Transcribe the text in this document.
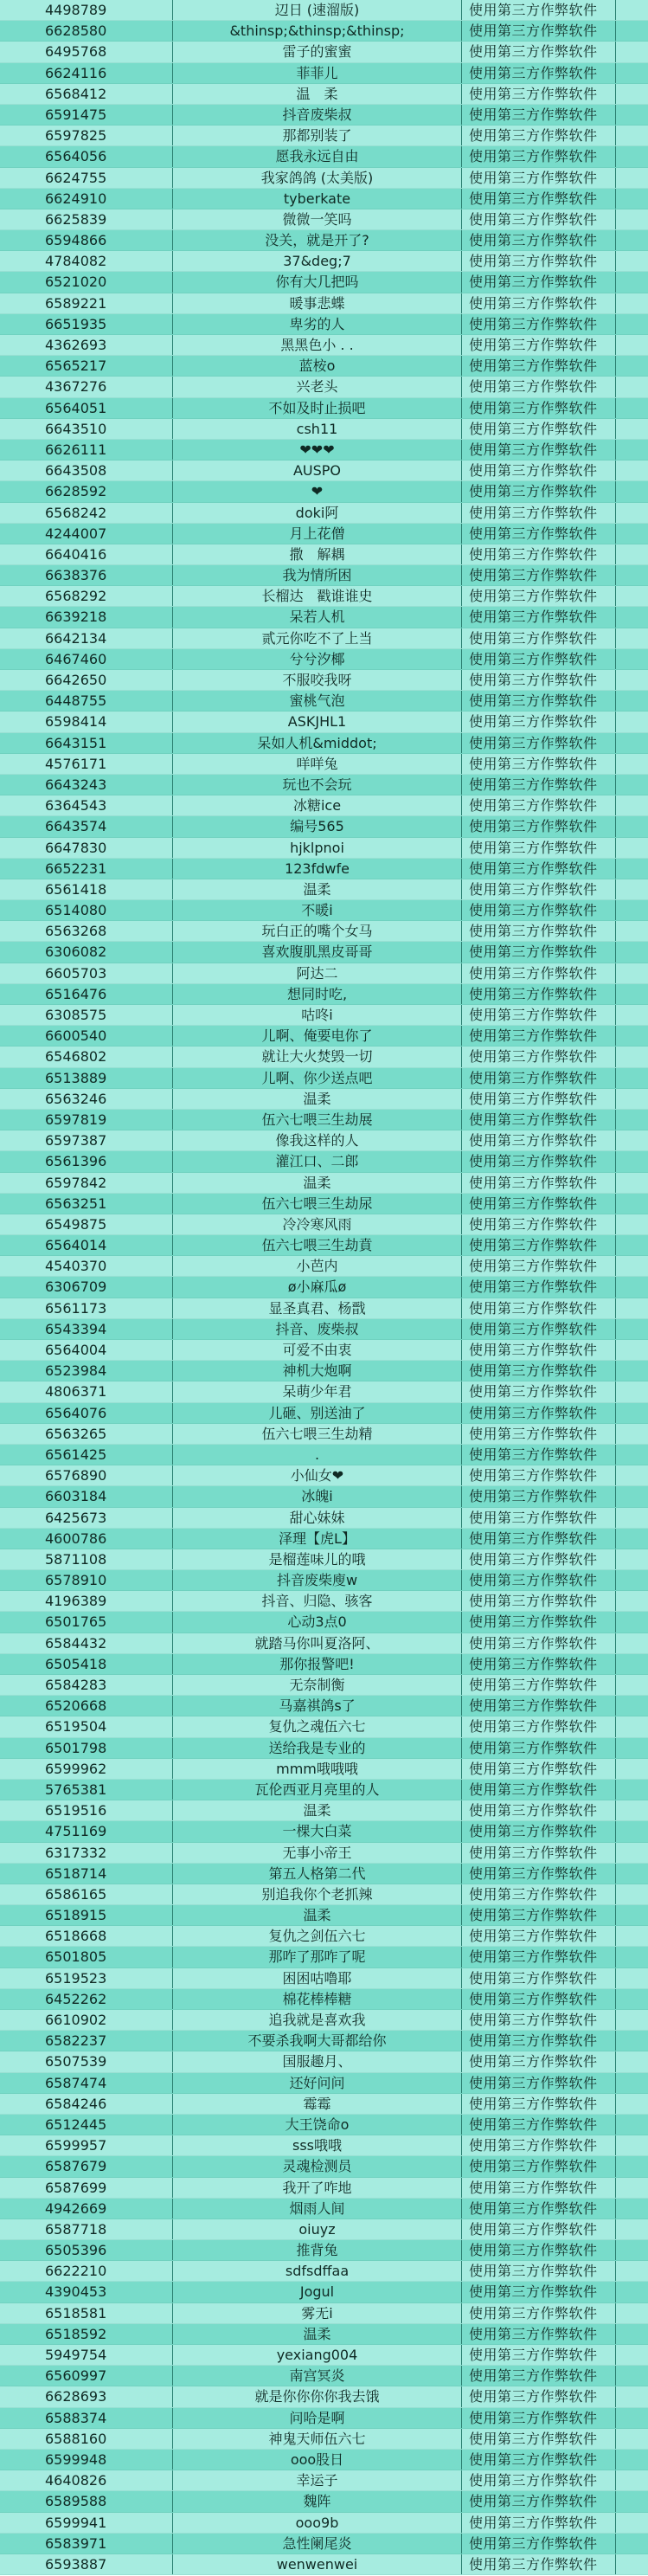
4498789	辺日 (速溜版)	使用第三方作弊软件
6628580	&thinsp;&thinsp;&thinsp;	使用第三方作弊软件
6495768	雷子的蜜蜜	使用第三方作弊软件
6624116	菲菲儿	使用第三方作弊软件
6568412	温　柔	使用第三方作弊软件
6591475	抖音废柴叔	使用第三方作弊软件
6597825	那都别装了	使用第三方作弊软件
6564056	愿我永远自由	使用第三方作弊软件
6624755	我家鸽鸽 (太美版)	使用第三方作弊软件
6624910	tyberkate	使用第三方作弊软件
6625839	微微一笑吗	使用第三方作弊软件
6594866	没关，就是开了?	使用第三方作弊软件
4784082	37&deg;7	使用第三方作弊软件
6521020	你有大几把吗	使用第三方作弊软件
6589221	暖事悲蝶	使用第三方作弊软件
6651935	卑劣的人	使用第三方作弊软件
4362693	黑黑色小 . .	使用第三方作弊软件
6565217	蓝桉o	使用第三方作弊软件
4367276	兴老头	使用第三方作弊软件
6564051	不如及时止损吧	使用第三方作弊软件
6643510	csh11	使用第三方作弊软件
6626111	❤❤❤	使用第三方作弊软件
6643508	AUSPO	使用第三方作弊软件
6628592	❤	使用第三方作弊软件
6568242	doki阿	使用第三方作弊软件
4244007	月上花僧	使用第三方作弊软件
6640416	撒　解耦	使用第三方作弊软件
6638376	我为情所困	使用第三方作弊软件
6568292	长榴达　戳谁谁史	使用第三方作弊软件
6639218	呆若人机	使用第三方作弊软件
6642134	贰元你吃不了上当	使用第三方作弊软件
6467460	兮兮汐椰	使用第三方作弊软件
6642650	不服咬我呀	使用第三方作弊软件
6448755	蜜桃气泡	使用第三方作弊软件
6598414	ASKJHL1	使用第三方作弊软件
6643151	呆如人机&middot;	使用第三方作弊软件
4576171	咩咩兔	使用第三方作弊软件
6643243	玩也不会玩	使用第三方作弊软件
6364543	冰糖ice	使用第三方作弊软件
6643574	编号565	使用第三方作弊软件
6647830	hjklpnoi	使用第三方作弊软件
6652231	123fdwfe	使用第三方作弊软件
6561418	温柔	使用第三方作弊软件
6514080	不暖i	使用第三方作弊软件
6563268	玩白正的嘴个女马	使用第三方作弊软件
6306082	喜欢腹肌黑皮哥哥	使用第三方作弊软件
6605703	阿达二	使用第三方作弊软件
6516476	想同时吃,	使用第三方作弊软件
6308575	咕咚i	使用第三方作弊软件
6600540	儿啊、俺要电你了	使用第三方作弊软件
6546802	就让大火焚毁一切	使用第三方作弊软件
6513889	儿啊、你少送点吧	使用第三方作弊软件
6563246	温柔	使用第三方作弊软件
6597819	伍六七喂三生劫展	使用第三方作弊软件
6597387	像我这样的人	使用第三方作弊软件
6561396	灌江口、二郎	使用第三方作弊软件
6597842	温柔	使用第三方作弊软件
6563251	伍六七喂三生劫尿	使用第三方作弊软件
6549875	冷冷寒风雨	使用第三方作弊软件
6564014	伍六七喂三生劫賁	使用第三方作弊软件
4540370	小芭内	使用第三方作弊软件
6306709	ø小麻瓜ø	使用第三方作弊软件
6561173	显圣真君、杨戬	使用第三方作弊软件
6543394	抖音、废柴叔	使用第三方作弊软件
6564004	可爱不由衷	使用第三方作弊软件
6523984	神机大炮啊	使用第三方作弊软件
4806371	呆萌少年君	使用第三方作弊软件
6564076	儿砸、别送油了	使用第三方作弊软件
6563265	伍六七喂三生劫精	使用第三方作弊软件
6561425	.	使用第三方作弊软件
6576890	小仙女❤	使用第三方作弊软件
6603184	冰魄i	使用第三方作弊软件
6425673	甜心妹妹	使用第三方作弊软件
4600786	泽理【虎L】	使用第三方作弊软件
5871108	是榴莲味儿的哦	使用第三方作弊软件
6578910	抖音废柴廋w	使用第三方作弊软件
4196389	抖音、归隐、骇客	使用第三方作弊软件
6501765	心动3点0	使用第三方作弊软件
6584432	就踏马你叫夏洛阿、	使用第三方作弊软件
6505418	那你报警吧!	使用第三方作弊软件
6584283	无奈制衡	使用第三方作弊软件
6520668	马嘉祺鸽s了	使用第三方作弊软件
6519504	复仇之魂伍六七	使用第三方作弊软件
6501798	送给我是专业的	使用第三方作弊软件
6599962	mmm哦哦哦	使用第三方作弊软件
5765381	瓦伦西亚月亮里的人	使用第三方作弊软件
6519516	温柔	使用第三方作弊软件
4751169	一棵大白菜	使用第三方作弊软件
6317332	无事小帝王	使用第三方作弊软件
6518714	第五人格第二代	使用第三方作弊软件
6586165	别追我你个老抓辣	使用第三方作弊软件
6518915	温柔	使用第三方作弊软件
6518668	复仇之剑伍六七	使用第三方作弊软件
6501805	那咋了那咋了呢	使用第三方作弊软件
6519523	困困咕噜耶	使用第三方作弊软件
6452262	棉花棒棒糖	使用第三方作弊软件
6610902	追我就是喜欢我	使用第三方作弊软件
6582237	不要杀我啊大哥都给你	使用第三方作弊软件
6507539	国服趣月、	使用第三方作弊软件
6587474	还好问问	使用第三方作弊软件
6584246	霉霉	使用第三方作弊软件
6512445	大王饶命o	使用第三方作弊软件
6599957	sss哦哦	使用第三方作弊软件
6587679	灵魂检测员	使用第三方作弊软件
6587699	我开了咋地	使用第三方作弊软件
4942669	烟雨人间	使用第三方作弊软件
6587718	oiuyz	使用第三方作弊软件
6505396	推背兔	使用第三方作弊软件
6622210	sdfsdffaa	使用第三方作弊软件
4390453	Jogul	使用第三方作弊软件
6518581	雾无i	使用第三方作弊软件
6518592	温柔	使用第三方作弊软件
5949754	yexiang004	使用第三方作弊软件
6560997	南宫冥炎	使用第三方作弊软件
6628693	就是你你你你我去饿	使用第三方作弊软件
6588374	问哈是啊	使用第三方作弊软件
6588160	神鬼天师伍六七	使用第三方作弊软件
6599948	ooo股日	使用第三方作弊软件
4640826	幸运子	使用第三方作弊软件
6589588	魏阵	使用第三方作弊软件
6599941	ooo9b	使用第三方作弊软件
6583971	急性阑尾炎	使用第三方作弊软件
6593887	wenwenwei	使用第三方作弊软件
